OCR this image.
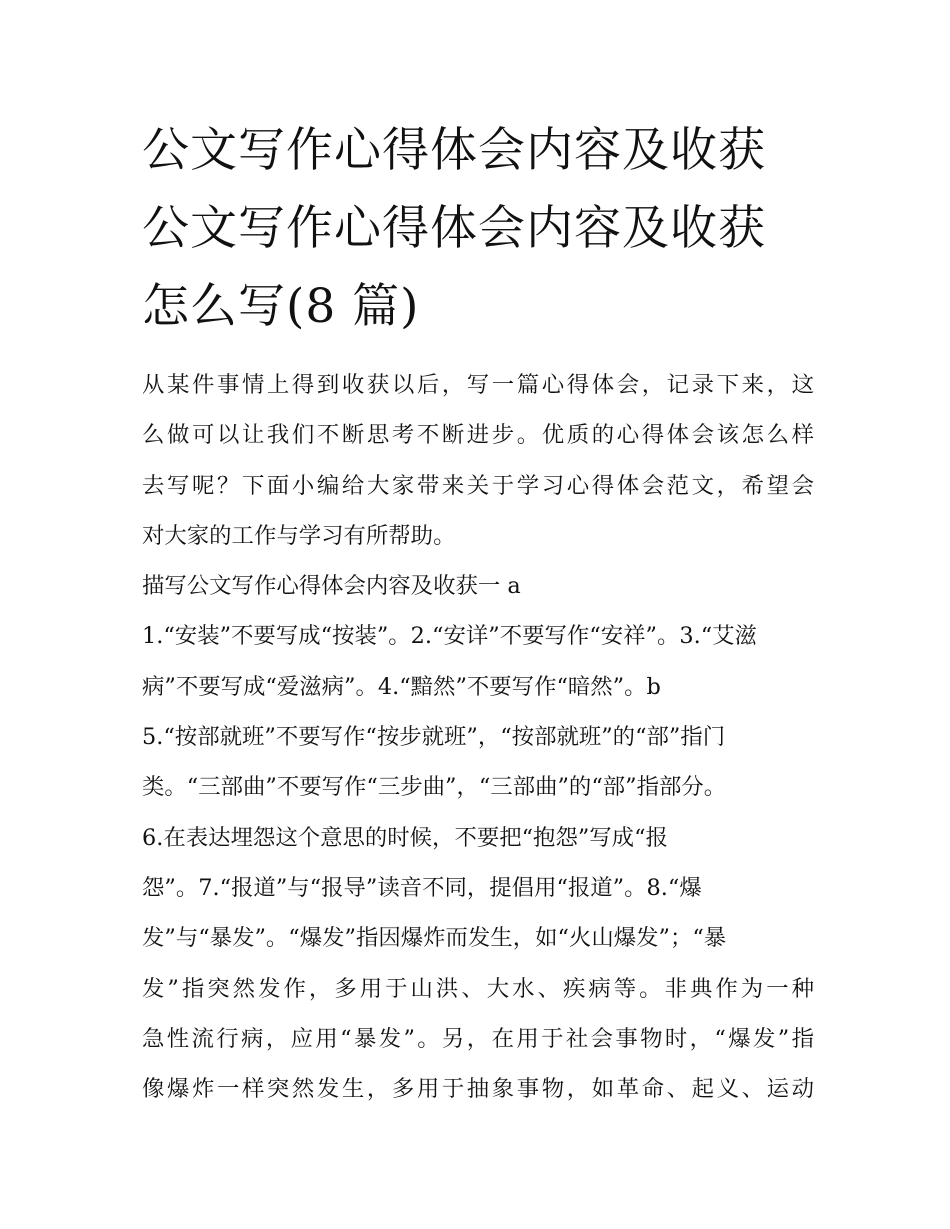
公文写作心得体会内容及收获
公文写作心得体会内容及收获
怎么写(8 篇)
从某件事情上得到收获以后，写一篇心得体会，记录下来，这
么做可以让我们不断思考不断进步。优质的心得体会该怎么样
去写呢？下面小编给大家带来关于学习心得体会范文，希望会
对大家的工作与学习有所帮助。
描写公文写作心得体会内容及收获一 a
1.“安装”不要写成“按装”。2.“安详”不要写作“安祥”。3.“艾滋
病”不要写成“爱滋病”。4.“黯然”不要写作“暗然”。b
5.“按部就班”不要写作“按步就班”，“按部就班”的“部”指门
类。“三部曲”不要写作“三步曲”，“三部曲”的“部”指部分。
6.在表达埋怨这个意思的时候，不要把“抱怨”写成“报
怨”。7.“报道”与“报导”读音不同，提倡用“报道”。8.“爆
发”与“暴发”。“爆发”指因爆炸而发生，如“火山爆发”；“暴
发”指突然发作，多用于山洪、大水、疾病等。非典作为一种
急性流行病，应用“暴发”。另，在用于社会事物时，“爆发”指
像爆炸一样突然发生，多用于抽象事物，如革命、起义、运动
